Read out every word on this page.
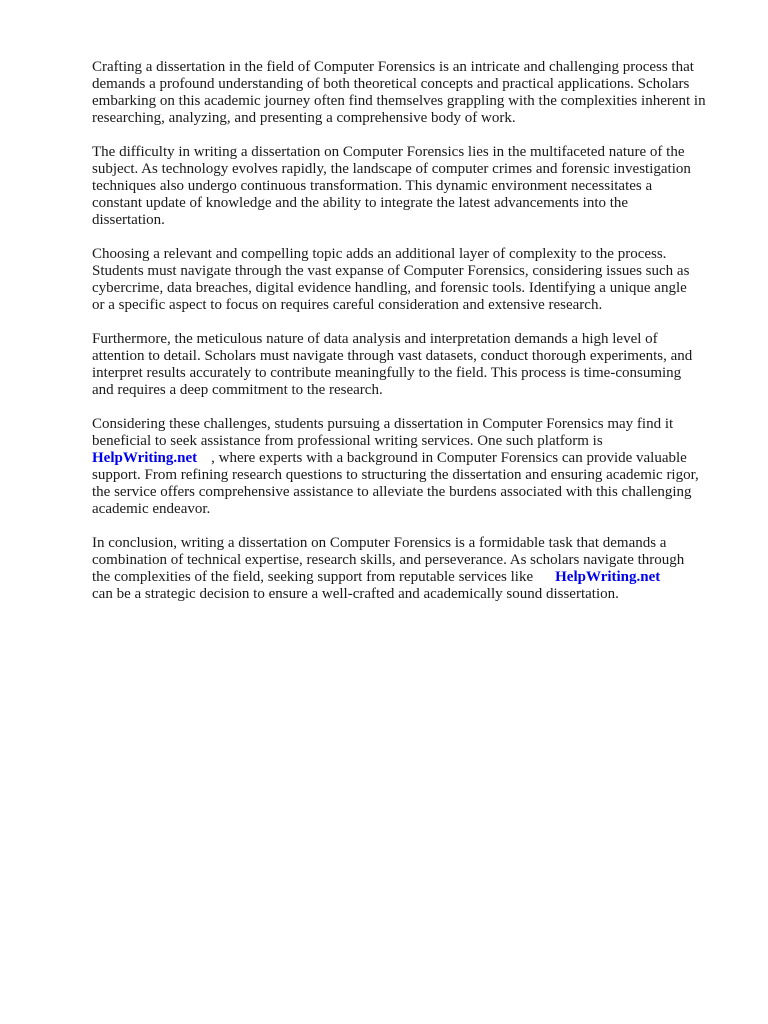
Crafting a dissertation in the field of Computer Forensics is an intricate and challenging process that
demands a profound understanding of both theoretical concepts and practical applications. Scholars
embarking on this academic journey often find themselves grappling with the complexities inherent in
researching, analyzing, and presenting a comprehensive body of work.

The difficulty in writing a dissertation on Computer Forensics lies in the multifaceted nature of the
subject. As technology evolves rapidly, the landscape of computer crimes and forensic investigation
techniques also undergo continuous transformation. This dynamic environment necessitates a
constant update of knowledge and the ability to integrate the latest advancements into the
dissertation.

Choosing a relevant and compelling topic adds an additional layer of complexity to the process.
Students must navigate through the vast expanse of Computer Forensics, considering issues such as
cybercrime, data breaches, digital evidence handling, and forensic tools. Identifying a unique angle
or a specific aspect to focus on requires careful consideration and extensive research.

Furthermore, the meticulous nature of data analysis and interpretation demands a high level of
attention to detail. Scholars must navigate through vast datasets, conduct thorough experiments, and
interpret results accurately to contribute meaningfully to the field. This process is time-consuming
and requires a deep commitment to the research.

Considering these challenges, students pursuing a dissertation in Computer Forensics may find it
beneficial to seek assistance from professional writing services. One such platform is
HelpWriting.net , where experts with a background in Computer Forensics can provide valuable
support. From refining research questions to structuring the dissertation and ensuring academic rigor,
the service offers comprehensive assistance to alleviate the burdens associated with this challenging
academic endeavor.

In conclusion, writing a dissertation on Computer Forensics is a formidable task that demands a
combination of technical expertise, research skills, and perseverance. As scholars navigate through
the complexities of the field, seeking support from reputable services like HelpWriting.net
can be a strategic decision to ensure a well-crafted and academically sound dissertation.
